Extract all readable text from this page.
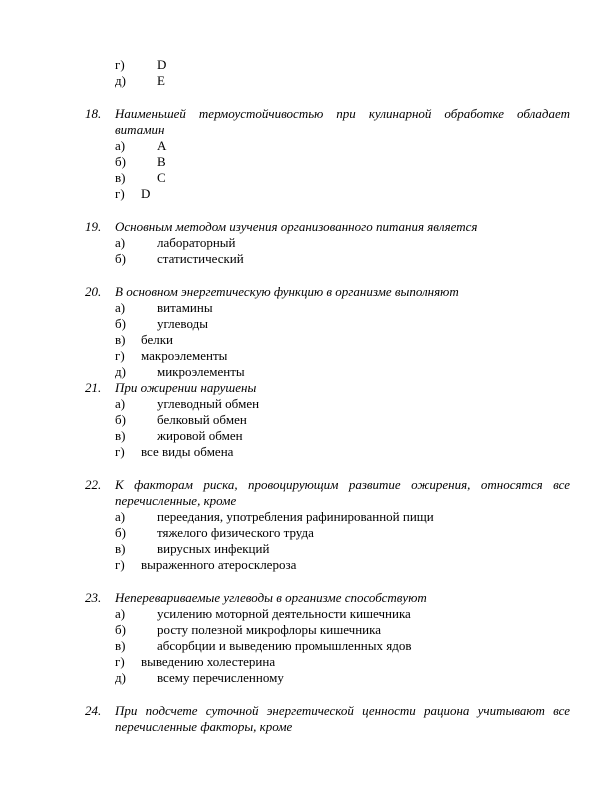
г) D
д) E
18. Наименьшей термоустойчивостью при кулинарной обработке обладает
витамин
а) A
б) B
в) C
г) D
19. Основным методом изучения организованного питания является
а) лабораторный
б) статистический
20. В основном энергетическую функцию в организме выполняют
а) витамины
б) углеводы
в) белки
г) макроэлементы
д) микроэлементы
21. При ожирении нарушены
а) углеводный обмен
б) белковый обмен
в) жировой обмен
г) все виды обмена
22. К факторам риска, провоцирующим развитие ожирения, относятся все
перечисленные, кроме
а) переедания, употребления рафинированной пищи
б) тяжелого физического труда
в) вирусных инфекций
г) выраженного атеросклероза
23. Неперевариваемые углеводы в организме способствуют
а) усилению моторной деятельности кишечника
б) росту полезной микрофлоры кишечника
в) абсорбции и выведению промышленных ядов
г) выведению холестерина
д) всему перечисленному
24. При подсчете суточной энергетической ценности рациона учитывают все
перечисленные факторы, кроме
